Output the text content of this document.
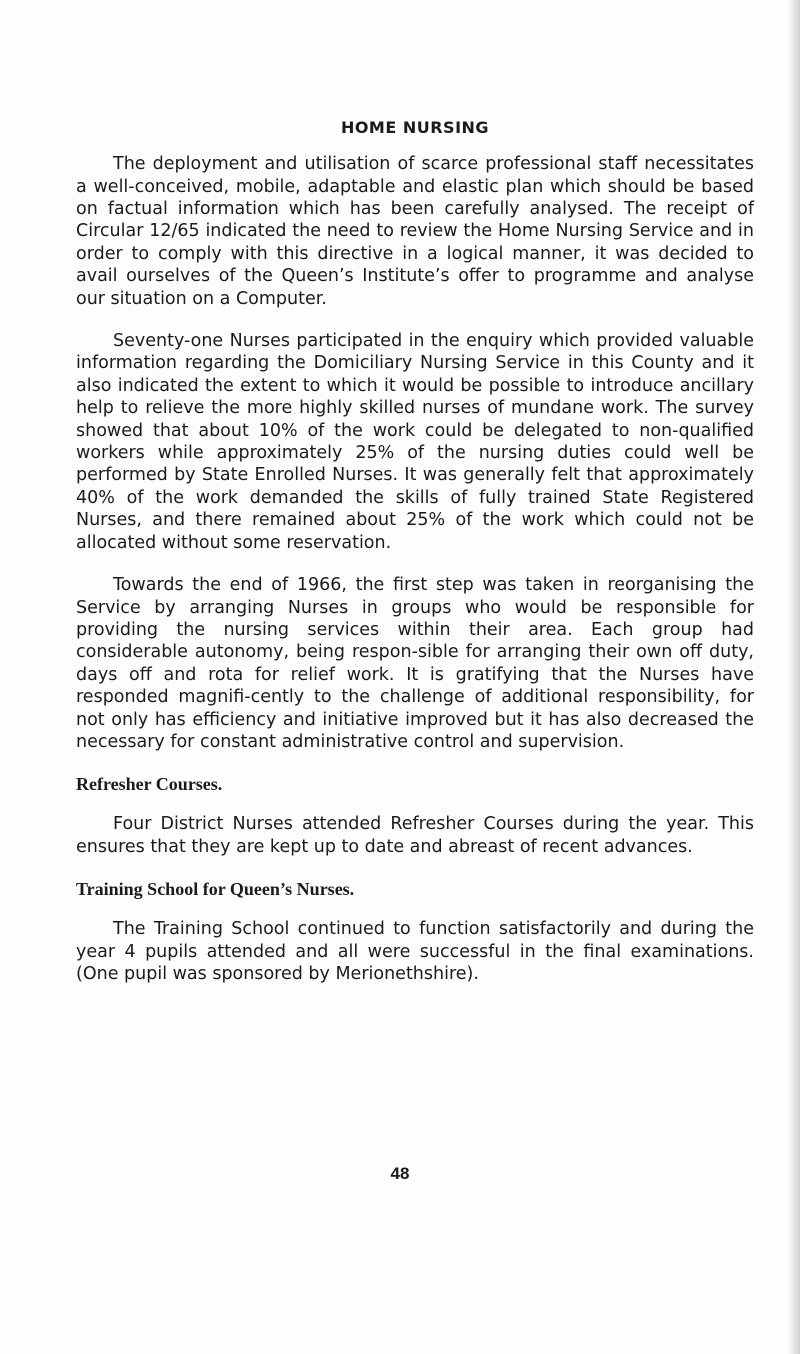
HOME NURSING

The deployment and utilisation of scarce professional staff necessitates a well-conceived, mobile, adaptable and elastic plan which should be based on factual information which has been carefully analysed. The receipt of Circular 12/65 indicated the need to review the Home Nursing Service and in order to comply with this directive in a logical manner, it was decided to avail ourselves of the Queen’s Institute’s offer to programme and analyse our situation on a Computer.

Seventy-one Nurses participated in the enquiry which provided valuable information regarding the Domiciliary Nursing Service in this County and it also indicated the extent to which it would be possible to introduce ancillary help to relieve the more highly skilled nurses of mundane work. The survey showed that about 10% of the work could be delegated to non-qualified workers while approximately 25% of the nursing duties could well be performed by State Enrolled Nurses. It was generally felt that approximately 40% of the work demanded the skills of fully trained State Registered Nurses, and there remained about 25% of the work which could not be allocated without some reservation.

Towards the end of 1966, the first step was taken in reorganising the Service by arranging Nurses in groups who would be responsible for providing the nursing services within their area. Each group had considerable autonomy, being respon-sible for arranging their own off duty, days off and rota for relief work. It is gratifying that the Nurses have responded magnifi-cently to the challenge of additional responsibility, for not only has efficiency and initiative improved but it has also decreased the necessary for constant administrative control and supervision.

Refresher Courses.

Four District Nurses attended Refresher Courses during the year. This ensures that they are kept up to date and abreast of recent advances.

Training School for Queen’s Nurses.

The Training School continued to function satisfactorily and during the year 4 pupils attended and all were successful in the final examinations. (One pupil was sponsored by Merionethshire).

48
